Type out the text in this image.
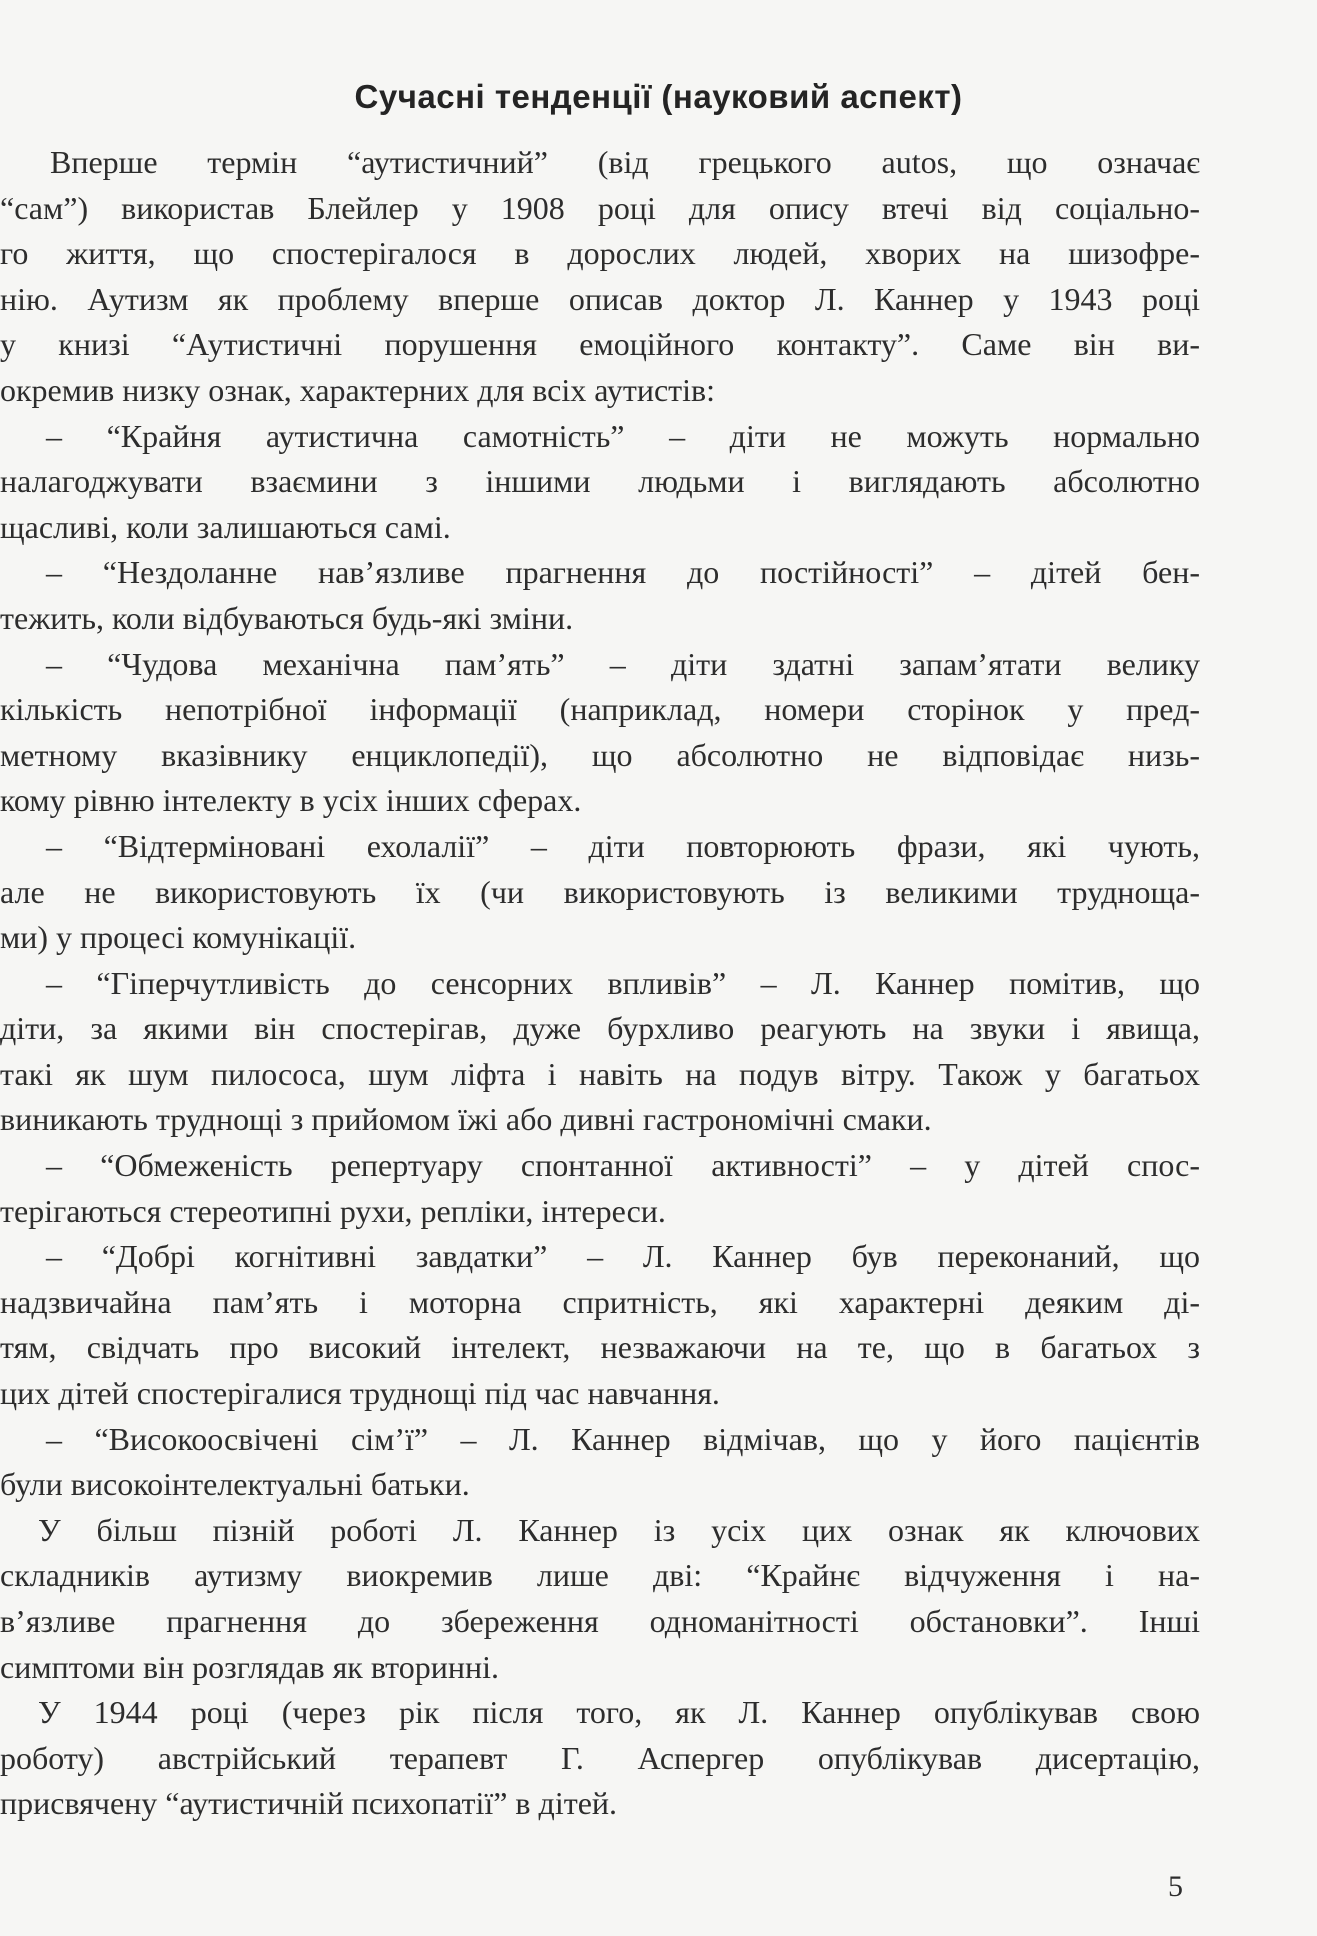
Сучасні тенденції (науковий аспект)
Вперше термін “аутистичний” (від грецького autos, що означає
“сам”) використав Блейлер у 1908 році для опису втечі від соціально-
го життя, що спостерігалося в дорослих людей, хворих на шизофре-
нію. Аутизм як проблему вперше описав доктор Л. Каннер у 1943 році
у книзі “Аутистичні порушення емоційного контакту”. Саме він ви-
окремив низку ознак, характерних для всіх аутистів:
– “Крайня аутистична самотність” – діти не можуть нормально
налагоджувати взаємини з іншими людьми і виглядають абсолютно
щасливі, коли залишаються самі.
– “Нездоланне нав’язливе прагнення до постійності” – дітей бен-
тежить, коли відбуваються будь-які зміни.
– “Чудова механічна пам’ять” – діти здатні запам’ятати велику
кількість непотрібної інформації (наприклад, номери сторінок у пред-
метному вказівнику енциклопедії), що абсолютно не відповідає низь-
кому рівню інтелекту в усіх інших сферах.
– “Відтерміновані ехолалії” – діти повторюють фрази, які чують,
але не використовують їх (чи використовують із великими труднощa-
ми) у процесі комунікації.
– “Гіперчутливість до сенсорних впливів” – Л. Каннер помітив, що
діти, за якими він спостерігав, дуже бурхливо реагують на звуки і явища,
такі як шум пилососа, шум ліфта і навіть на подув вітру. Також у багатьох
виникають труднощі з прийомом їжі або дивні гастрономічні смаки.
– “Обмеженість репертуару спонтанної активності” – у дітей спос-
терігаються стереотипні рухи, репліки, інтереси.
– “Добрі когнітивні завдатки” – Л. Каннер був переконаний, що
надзвичайна пам’ять і моторна спритність, які характерні деяким ді-
тям, свідчать про високий інтелект, незважаючи на те, що в багатьох з
цих дітей спостерігалися труднощі під час навчання.
– “Високоосвічені сім’ї” – Л. Каннер відмічав, що у його пацієнтів
були високоінтелектуальні батьки.
У більш пізній роботі Л. Каннер із усіх цих ознак як ключових
складників аутизму виокремив лише дві: “Крайнє відчуження і на-
в’язливе прагнення до збереження одноманітності обстановки”. Інші
симптоми він розглядав як вторинні.
У 1944 році (через рік після того, як Л. Каннер опублікував свою
роботу) австрійський терапевт Г. Аспергер опублікував дисертацію,
присвячену “аутистичній психопатії” в дітей.
5
